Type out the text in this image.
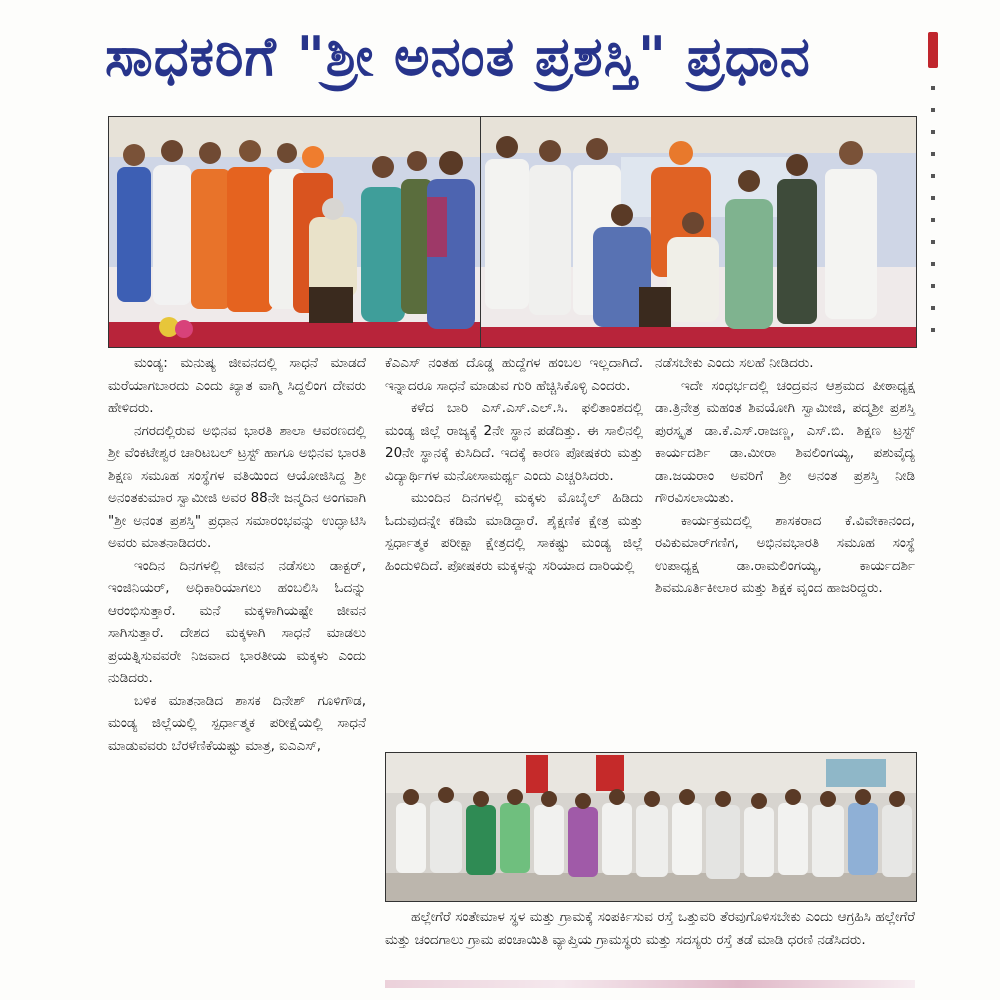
ಸಾಧಕರಿಗೆ "ಶ್ರೀ ಅನಂತ ಪ್ರಶಸ್ತಿ" ಪ್ರಧಾನ

ಮಂಡ್ಯ: ಮನುಷ್ಯ ಜೀವನದಲ್ಲಿ ಸಾಧನೆ ಮಾಡದೆ ಮರೆಯಾಗಬಾರದು ಎಂದು ಖ್ಯಾತ ವಾಗ್ಮಿ ಸಿದ್ದಲಿಂಗ ದೇವರು ಹೇಳಿದರು.

ನಗರದಲ್ಲಿರುವ ಅಭಿನವ ಭಾರತಿ ಶಾಲಾ ಆವರಣದಲ್ಲಿ ಶ್ರೀ ವೆಂಕಟೇಶ್ವರ ಚಾರಿಟಬಲ್ ಟ್ರಸ್ಟ್ ಹಾಗೂ ಅಭಿನವ ಭಾರತಿ ಶಿಕ್ಷಣ ಸಮೂಹ ಸಂಸ್ಥೆಗಳ ವತಿಯಿಂದ ಆಯೋಜಿಸಿದ್ದ ಶ್ರೀ ಅನಂತಕುಮಾರ ಸ್ವಾಮೀಜಿ ಅವರ 88ನೇ ಜನ್ಮದಿನ ಅಂಗವಾಗಿ "ಶ್ರೀ ಅನಂತ ಪ್ರಶಸ್ತಿ" ಪ್ರಧಾನ ಸಮಾರಂಭವನ್ನು ಉದ್ಘಾಟಿಸಿ ಅವರು ಮಾತನಾಡಿದರು.

ಇಂದಿನ ದಿನಗಳಲ್ಲಿ ಜೀವನ ನಡೆಸಲು ಡಾಕ್ಟರ್, ಇಂಜಿನಿಯರ್, ಅಧಿಕಾರಿಯಾಗಲು ಹಂಬಲಿಸಿ ಓದನ್ನು ಆರಂಭಿಸುತ್ತಾರೆ. ಮನೆ ಮಕ್ಕಳಾಗಿಯಷ್ಟೇ ಜೀವನ ಸಾಗಿಸುತ್ತಾರೆ. ದೇಶದ ಮಕ್ಕಳಾಗಿ ಸಾಧನೆ ಮಾಡಲು ಪ್ರಯತ್ನಿಸುವವರೇ ನಿಜವಾದ ಭಾರತೀಯ ಮಕ್ಕಳು ಎಂದು ನುಡಿದರು.

ಬಳಿಕ ಮಾತನಾಡಿದ ಶಾಸಕ ದಿನೇಶ್ ಗೂಳಿಗೌಡ, ಮಂಡ್ಯ ಜಿಲ್ಲೆಯಲ್ಲಿ ಸ್ಪರ್ಧಾತ್ಮಕ ಪರೀಕ್ಷೆಯಲ್ಲಿ ಸಾಧನೆ ಮಾಡುವವರು ಬೆರಳೆಣಿಕೆಯಷ್ಟು ಮಾತ್ರ, ಐಎಎಸ್,

ಕೆಎಎಸ್ ನಂತಹ ದೊಡ್ಡ ಹುದ್ದೆಗಳ ಹಂಬಲ ಇಲ್ಲದಾಗಿದೆ. ಇನ್ನಾದರೂ ಸಾಧನೆ ಮಾಡುವ ಗುರಿ ಹೆಚ್ಚಿಸಿಕೊಳ್ಳಿ ಎಂದರು.

ಕಳೆದ ಬಾರಿ ಎಸ್.ಎಸ್.ಎಲ್.ಸಿ. ಫಲಿತಾಂಶದಲ್ಲಿ ಮಂಡ್ಯ ಜಿಲ್ಲೆ ರಾಜ್ಯಕ್ಕೆ 2ನೇ ಸ್ಥಾನ ಪಡೆದಿತ್ತು. ಈ ಸಾಲಿನಲ್ಲಿ 20ನೇ ಸ್ಥಾನಕ್ಕೆ ಕುಸಿದಿದೆ. ಇದಕ್ಕೆ ಕಾರಣ ಪೋಷಕರು ಮತ್ತು ವಿದ್ಯಾರ್ಥಿಗಳ ಮನೋಸಾಮರ್ಥ್ಯ ಎಂದು ಎಚ್ಚರಿಸಿದರು.

ಮುಂದಿನ ದಿನಗಳಲ್ಲಿ ಮಕ್ಕಳು ಮೊಬೈಲ್ ಹಿಡಿದು ಓದುವುದನ್ನೇ ಕಡಿಮೆ ಮಾಡಿದ್ದಾರೆ. ಶೈಕ್ಷಣಿಕ ಕ್ಷೇತ್ರ ಮತ್ತು ಸ್ಪರ್ಧಾತ್ಮಕ ಪರೀಕ್ಷಾ ಕ್ಷೇತ್ರದಲ್ಲಿ ಸಾಕಷ್ಟು ಮಂಡ್ಯ ಜಿಲ್ಲೆ ಹಿಂದುಳಿದಿದೆ. ಪೋಷಕರು ಮಕ್ಕಳನ್ನು ಸರಿಯಾದ ದಾರಿಯಲ್ಲಿ

ನಡೆಸಬೇಕು ಎಂದು ಸಲಹೆ ನೀಡಿದರು.

ಇದೇ ಸಂಧರ್ಭದಲ್ಲಿ ಚಂದ್ರವನ ಆಶ್ರಮದ ಪೀಠಾಧ್ಯಕ್ಷ ಡಾ.ತ್ರಿನೇತ್ರ ಮಹಂತ ಶಿವಯೋಗಿ ಸ್ವಾಮೀಜಿ, ಪದ್ಮಶ್ರೀ ಪ್ರಶಸ್ತಿ ಪುರಸ್ಕೃತ ಡಾ.ಕೆ.ಎಸ್.ರಾಜಣ್ಣ, ಎಸ್.ಬಿ. ಶಿಕ್ಷಣ ಟ್ರಸ್ಟ್ ಕಾರ್ಯದರ್ಶಿ ಡಾ.ಮೀರಾ ಶಿವಲಿಂಗಯ್ಯ, ಪಶುವೈದ್ಯ ಡಾ.ಜಯರಾಂ ಅವರಿಗೆ ಶ್ರೀ ಅನಂತ ಪ್ರಶಸ್ತಿ ನೀಡಿ ಗೌರವಿಸಲಾಯಿತು.

ಕಾರ್ಯಕ್ರಮದಲ್ಲಿ ಶಾಸಕರಾದ ಕೆ.ವಿವೇಕಾನಂದ, ರವಿಕುಮಾರ್‌ಗಣಿಗ, ಅಭಿನವಭಾರತಿ ಸಮೂಹ ಸಂಸ್ಥೆ ಉಪಾಧ್ಯಕ್ಷ ಡಾ.ರಾಮಲಿಂಗಯ್ಯ, ಕಾರ್ಯದರ್ಶಿ ಶಿವಮೂರ್ತಿಕೀಲಾರ ಮತ್ತು ಶಿಕ್ಷಕ ವೃಂದ ಹಾಜರಿದ್ದರು.

ಹಲ್ಲೇಗೆರೆ ಸಂತೇಮಾಳ ಸ್ಥಳ ಮತ್ತು ಗ್ರಾಮಕ್ಕೆ ಸಂಪರ್ಕಿಸುವ ರಸ್ತೆ ಒತ್ತುವರಿ ತೆರವುಗೊಳಿಸಬೇಕು ಎಂದು ಆಗ್ರಹಿಸಿ ಹಲ್ಲೇಗೆರೆ ಮತ್ತು ಚಂದಗಾಲು ಗ್ರಾಮ ಪಂಚಾಯಿತಿ ವ್ಯಾಪ್ತಿಯ ಗ್ರಾಮಸ್ಥರು ಮತ್ತು ಸದಸ್ಯರು ರಸ್ತೆ ತಡೆ ಮಾಡಿ ಧರಣಿ ನಡೆಸಿದರು.
